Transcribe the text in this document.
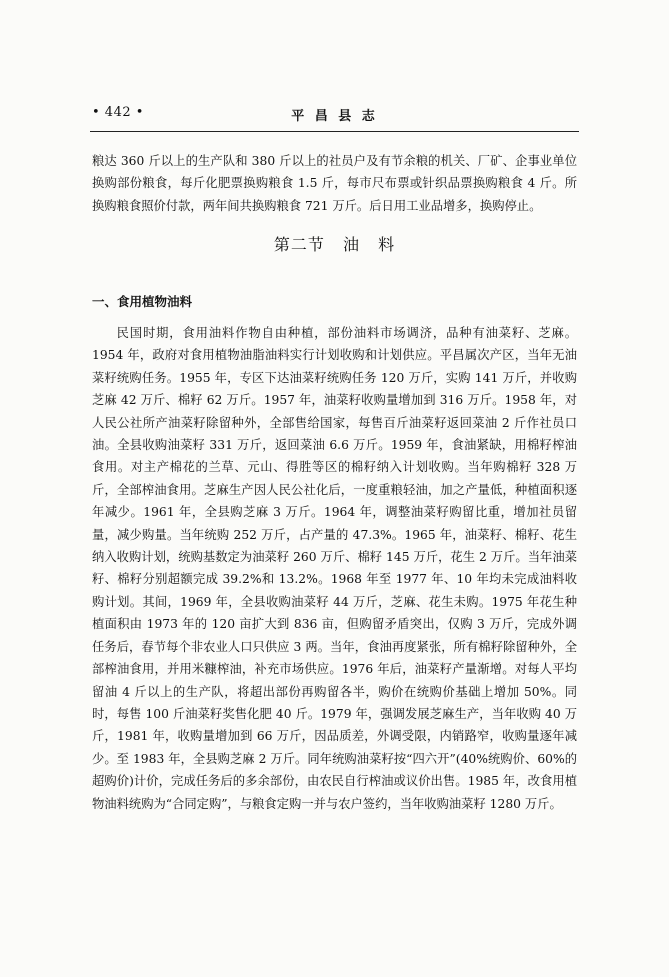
• 442 •	平 昌 县 志

粮达 360 斤以上的生产队和 380 斤以上的社员户及有节余粮的机关、厂矿、企事业单位换购部份粮食，每斤化肥票换购粮食 1.5 斤，每市尺布票或针织品票换购粮食 4 斤。所换购粮食照价付款，两年间共换购粮食 721 万斤。后日用工业品增多，换购停止。

第二节 油 料
一、食用植物油料

民国时期，食用油料作物自由种植，部份油料市场调济，品种有油菜籽、芝麻。1954 年，政府对食用植物油脂油料实行计划收购和计划供应。平昌属次产区，当年无油菜籽统购任务。1955 年，专区下达油菜籽统购任务 120 万斤，实购 141 万斤，并收购芝麻 42 万斤、棉籽 62 万斤。1957 年，油菜籽收购量增加到 316 万斤。1958 年，对人民公社所产油菜籽除留种外，全部售给国家，每售百斤油菜籽返回菜油 2 斤作社员口油。全县收购油菜籽 331 万斤，返回菜油 6.6 万斤。1959 年，食油紧缺，用棉籽榨油食用。对主产棉花的兰草、元山、得胜等区的棉籽纳入计划收购。当年购棉籽 328 万斤，全部榨油食用。芝麻生产因人民公社化后，一度重粮轻油，加之产量低，种植面积逐年减少。1961 年，全县购芝麻 3 万斤。1964 年，调整油菜籽购留比重，增加社员留量，减少购量。当年统购 252 万斤，占产量的 47.3%。1965 年，油菜籽、棉籽、花生纳入收购计划，统购基数定为油菜籽 260 万斤、棉籽 145 万斤，花生 2 万斤。当年油菜籽、棉籽分别超额完成 39.2%和 13.2%。1968 年至 1977 年、10 年均未完成油料收购计划。其间，1969 年，全县收购油菜籽 44 万斤，芝麻、花生未购。1975 年花生种植面积由 1973 年的 120 亩扩大到 836 亩，但购留矛盾突出，仅购 3 万斤，完成外调任务后，春节每个非农业人口只供应 3 两。当年，食油再度紧张，所有棉籽除留种外，全部榨油食用，并用米糠榨油，补充市场供应。1976 年后，油菜籽产量渐增。对每人平均留油 4 斤以上的生产队，将超出部份再购留各半，购价在统购价基础上增加 50%。同时，每售 100 斤油菜籽奖售化肥 40 斤。1979 年，强调发展芝麻生产，当年收购 40 万斤，1981 年，收购量增加到 66 万斤，因品质差，外调受限，内销路窄，收购量逐年减少。至 1983 年，全县购芝麻 2 万斤。同年统购油菜籽按“四六开”(40%统购价、60%的超购价)计价，完成任务后的多余部份，由农民自行榨油或议价出售。1985 年，改食用植物油料统购为“合同定购”，与粮食定购一并与农户签约，当年收购油菜籽 1280 万斤。
